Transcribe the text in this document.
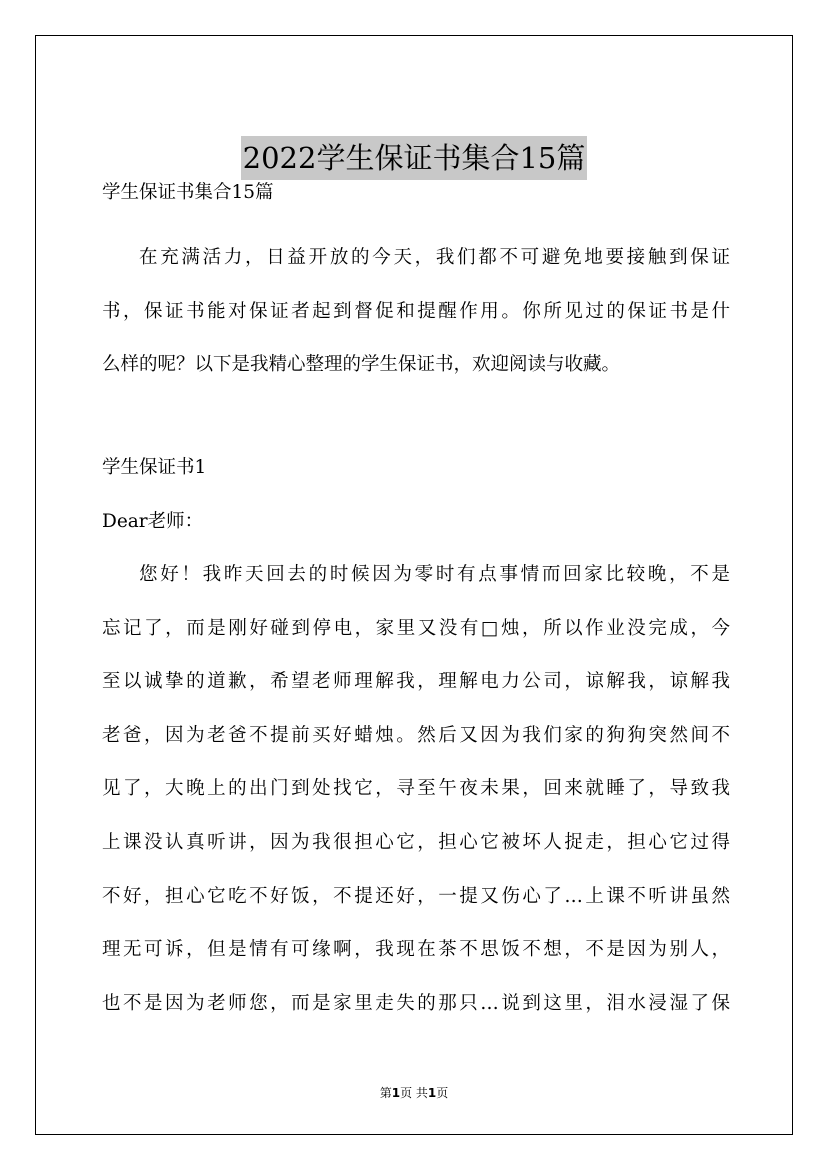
2022学生保证书集合15篇
学生保证书集合15篇
在充满活力，日益开放的今天，我们都不可避免地要接触到保证
书，保证书能对保证者起到督促和提醒作用。你所见过的保证书是什
么样的呢？以下是我精心整理的学生保证书，欢迎阅读与收藏。
学生保证书1
Dear老师：
您好！我昨天回去的时候因为零时有点事情而回家比较晚，不是
忘记了，而是刚好碰到停电，家里又没有□烛，所以作业没完成，今
至以诚挚的道歉，希望老师理解我，理解电力公司，谅解我，谅解我
老爸，因为老爸不提前买好蜡烛。然后又因为我们家的狗狗突然间不
见了，大晚上的出门到处找它，寻至午夜未果，回来就睡了，导致我
上课没认真听讲，因为我很担心它，担心它被坏人捉走，担心它过得
不好，担心它吃不好饭，不提还好，一提又伤心了…上课不听讲虽然
理无可诉，但是情有可缘啊，我现在茶不思饭不想，不是因为别人，
也不是因为老师您，而是家里走失的那只…说到这里，泪水浸湿了保
第1页 共1页
